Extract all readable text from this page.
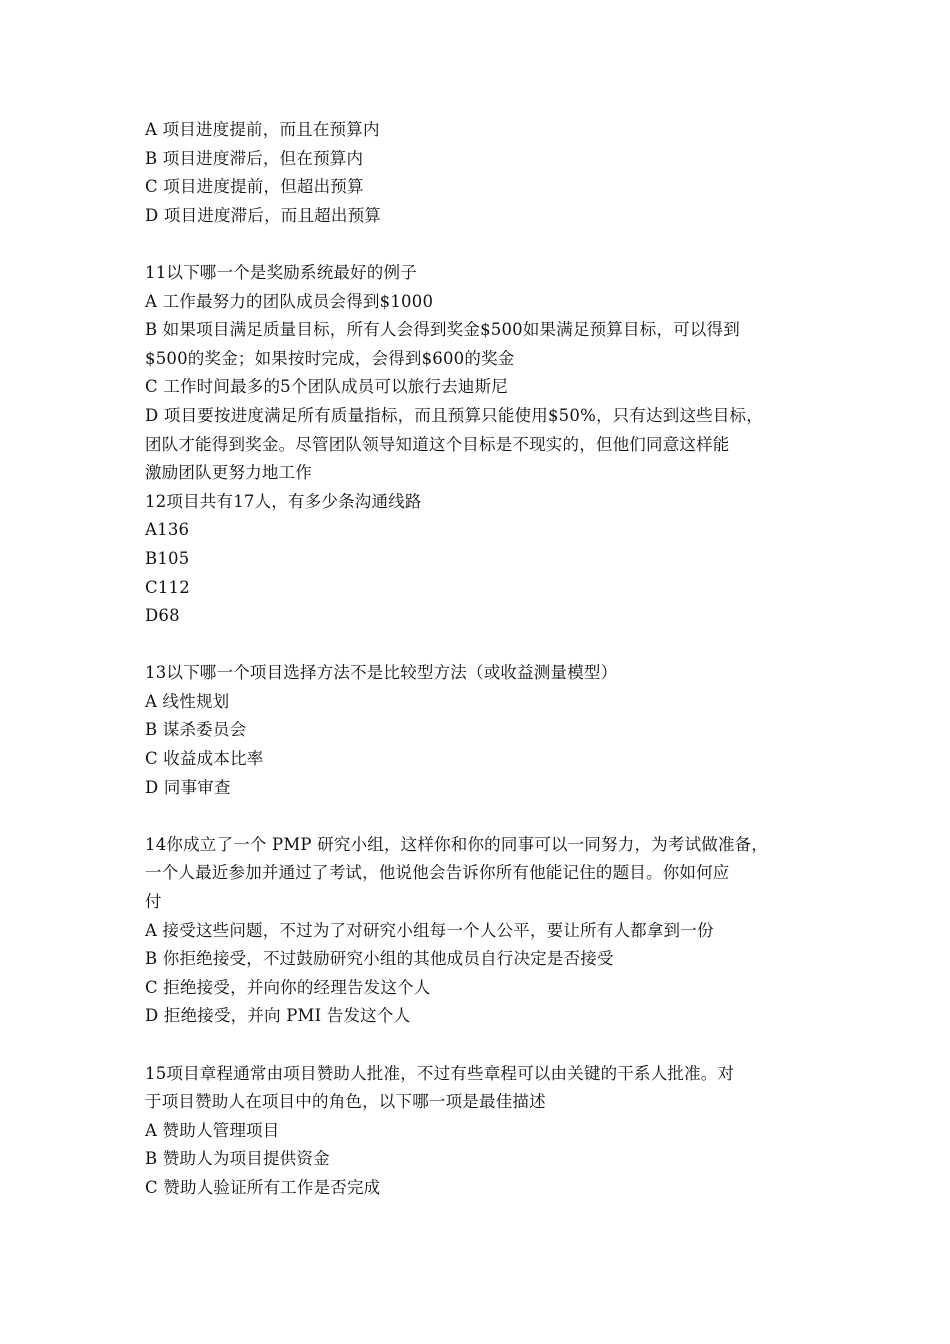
A 项目进度提前，而且在预算内
B 项目进度滞后，但在预算内
C 项目进度提前，但超出预算
D 项目进度滞后，而且超出预算
11以下哪一个是奖励系统最好的例子
A 工作最努力的团队成员会得到$1000
B 如果项目满足质量目标，所有人会得到奖金$500如果满足预算目标，可以得到
$500的奖金；如果按时完成，会得到$600的奖金
C 工作时间最多的5个团队成员可以旅行去迪斯尼
D 项目要按进度满足所有质量指标，而且预算只能使用$50%，只有达到这些目标，
团队才能得到奖金。尽管团队领导知道这个目标是不现实的，但他们同意这样能
激励团队更努力地工作
12项目共有17人，有多少条沟通线路
A136
B105
C112
D68
13以下哪一个项目选择方法不是比较型方法（或收益测量模型）
A 线性规划
B 谋杀委员会
C 收益成本比率
D 同事审查
14你成立了一个 PMP 研究小组，这样你和你的同事可以一同努力，为考试做准备，
一个人最近参加并通过了考试，他说他会告诉你所有他能记住的题目。你如何应
付
A 接受这些问题，不过为了对研究小组每一个人公平，要让所有人都拿到一份
B 你拒绝接受，不过鼓励研究小组的其他成员自行决定是否接受
C 拒绝接受，并向你的经理告发这个人
D 拒绝接受，并向 PMI 告发这个人
15项目章程通常由项目赞助人批准，不过有些章程可以由关键的干系人批准。对
于项目赞助人在项目中的角色，以下哪一项是最佳描述
A 赞助人管理项目
B 赞助人为项目提供资金
C 赞助人验证所有工作是否完成
